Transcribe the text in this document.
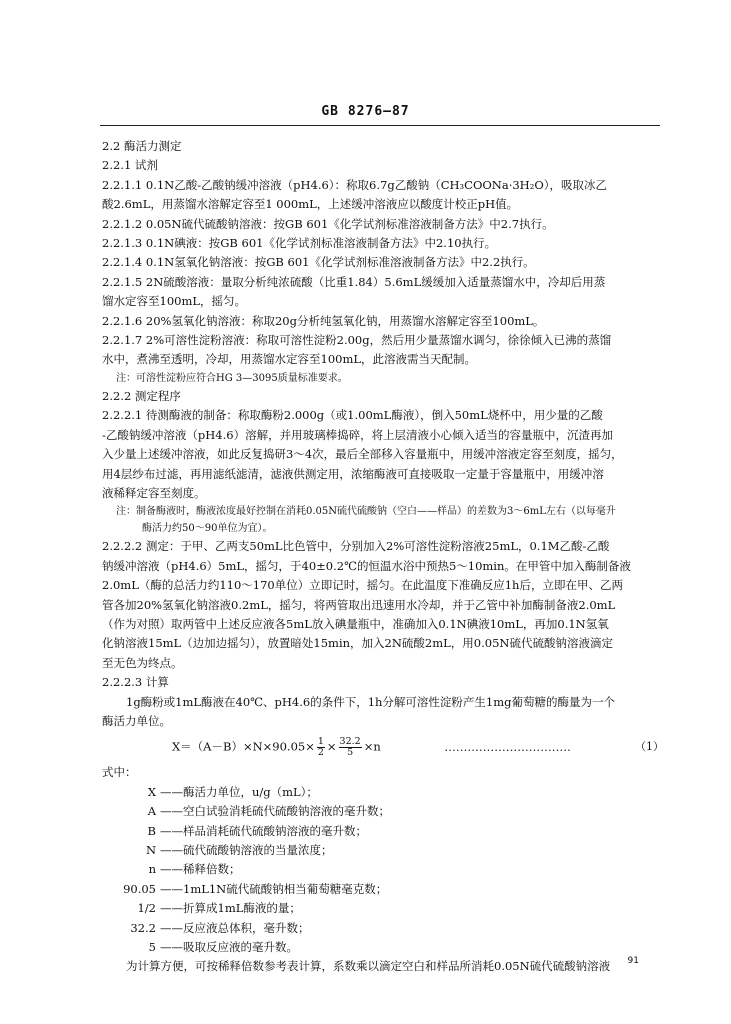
GB 8276—87
2.2 酶活力测定
2.2.1 试剂
2.2.1.1 0.1N乙酸-乙酸钠缓冲溶液（pH4.6）：称取6.7g乙酸钠（CH₃COONa·3H₂O），吸取冰乙
酸2.6mL，用蒸馏水溶解定容至1 000mL，上述缓冲溶液应以酸度计校正pH值。
2.2.1.2 0.05N硫代硫酸钠溶液：按GB 601《化学试剂标准溶液制备方法》中2.7执行。
2.2.1.3 0.1N碘液：按GB 601《化学试剂标准溶液制备方法》中2.10执行。
2.2.1.4 0.1N氢氧化钠溶液：按GB 601《化学试剂标准溶液制备方法》中2.2执行。
2.2.1.5 2N硫酸溶液：量取分析纯浓硫酸（比重1.84）5.6mL缓缓加入适量蒸馏水中，冷却后用蒸
馏水定容至100mL，摇匀。
2.2.1.6 20%氢氧化钠溶液：称取20g分析纯氢氧化钠，用蒸馏水溶解定容至100mL。
2.2.1.7 2%可溶性淀粉溶液：称取可溶性淀粉2.00g，然后用少量蒸馏水调匀，徐徐倾入已沸的蒸馏
水中，煮沸至透明，冷却，用蒸馏水定容至100mL，此溶液需当天配制。
注：可溶性淀粉应符合HG 3—3095质量标准要求。
2.2.2 测定程序
2.2.2.1 待测酶液的制备：称取酶粉2.000g（或1.00mL酶液），倒入50mL烧杯中，用少量的乙酸
-乙酸钠缓冲溶液（pH4.6）溶解，并用玻璃棒捣碎，将上层清液小心倾入适当的容量瓶中，沉渣再加
入少量上述缓冲溶液，如此反复捣研3～4次，最后全部移入容量瓶中，用缓冲溶液定容至刻度，摇匀，
用4层纱布过滤，再用滤纸滤清，滤液供测定用，浓缩酶液可直接吸取一定量于容量瓶中，用缓冲溶
液稀释定容至刻度。
注：制备酶液时，酶液浓度最好控制在消耗0.05N硫代硫酸钠（空白——样品）的差数为3～6mL左右（以每毫升
酶活力约50～90单位为宜）。
2.2.2.2 测定：于甲、乙两支50mL比色管中，分别加入2%可溶性淀粉溶液25mL，0.1M乙酸-乙酸
钠缓冲溶液（pH4.6）5mL，摇匀，于40±0.2℃的恒温水浴中预热5～10min。在甲管中加入酶制备液
2.0mL（酶的总活力约110～170单位）立即记时，摇匀。在此温度下准确反应1h后，立即在甲、乙两
管各加20%氢氧化钠溶液0.2mL，摇匀，将两管取出迅速用水冷却，并于乙管中补加酶制备液2.0mL
（作为对照）取两管中上述反应液各5mL放入碘量瓶中，准确加入0.1N碘液10mL，再加0.1N氢氧
化钠溶液15mL（边加边摇匀），放置暗处15min，加入2N硫酸2mL，用0.05N硫代硫酸钠溶液滴定
至无色为终点。
2.2.2.3 计算
1g酶粉或1mL酶液在40℃、pH4.6的条件下，1h分解可溶性淀粉产生1mg葡萄糖的酶量为一个
酶活力单位。
$X=(A-B)\times N\times 90.05\times \frac{1}{2} \times \frac{32.2}{5} \times n$	……………………………	（1）
式中：
X ——酶活力单位，u/g（mL）；
A ——空白试验消耗硫代硫酸钠溶液的毫升数；
B ——样品消耗硫代硫酸钠溶液的毫升数；
N ——硫代硫酸钠溶液的当量浓度；
n ——稀释倍数；
90.05 ——1mL1N硫代硫酸钠相当葡萄糖毫克数；
1/2 ——折算成1mL酶液的量；
32.2 ——反应液总体积，毫升数；
5 ——吸取反应液的毫升数。
为计算方便，可按稀释倍数参考表计算，系数乘以滴定空白和样品所消耗0.05N硫代硫酸钠溶液	91
